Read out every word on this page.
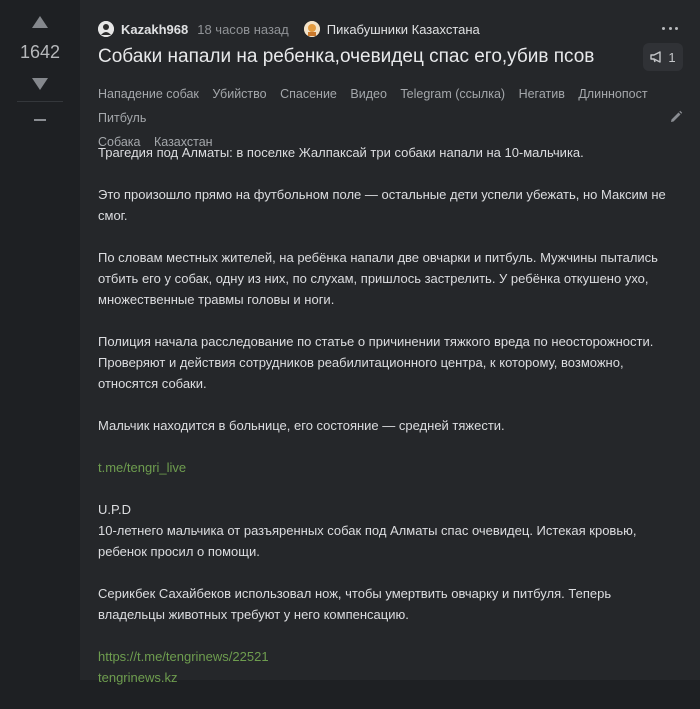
1642
Kazakh968 18 часов назад	Пикабушники Казахстана
Собаки напали на ребенка,очевидец спас его,убив псов	1
Нападение собак Убийство Спасение Видео Telegram (ссылка) Негатив Длиннопост Питбуль
Собака Казахстан

Трагедия под Алматы: в поселке Жалпаксай три собаки напали на 10-мальчика.

Это произошло прямо на футбольном поле — остальные дети успели убежать, но Максим не смог.

По словам местных жителей, на ребёнка напали две овчарки и питбуль. Мужчины пытались отбить его у собак, одну из них, по слухам, пришлось застрелить. У ребёнка откушено ухо, множественные травмы головы и ноги.

Полиция начала расследование по статье о причинении тяжкого вреда по неосторожности. Проверяют и действия сотрудников реабилитационного центра, к которому, возможно, относятся собаки.

Мальчик находится в больнице, его состояние — средней тяжести.

t.me/tengri_live

U.P.D
10-летнего мальчика от разъяренных собак под Алматы спас очевидец. Истекая кровью, ребенок просил о помощи.

Серикбек Сахайбеков использовал нож, чтобы умертвить овчарку и питбуля. Теперь владельцы животных требуют у него компенсацию.

https://t.me/tengrinews/22521
tengrinews.kz
